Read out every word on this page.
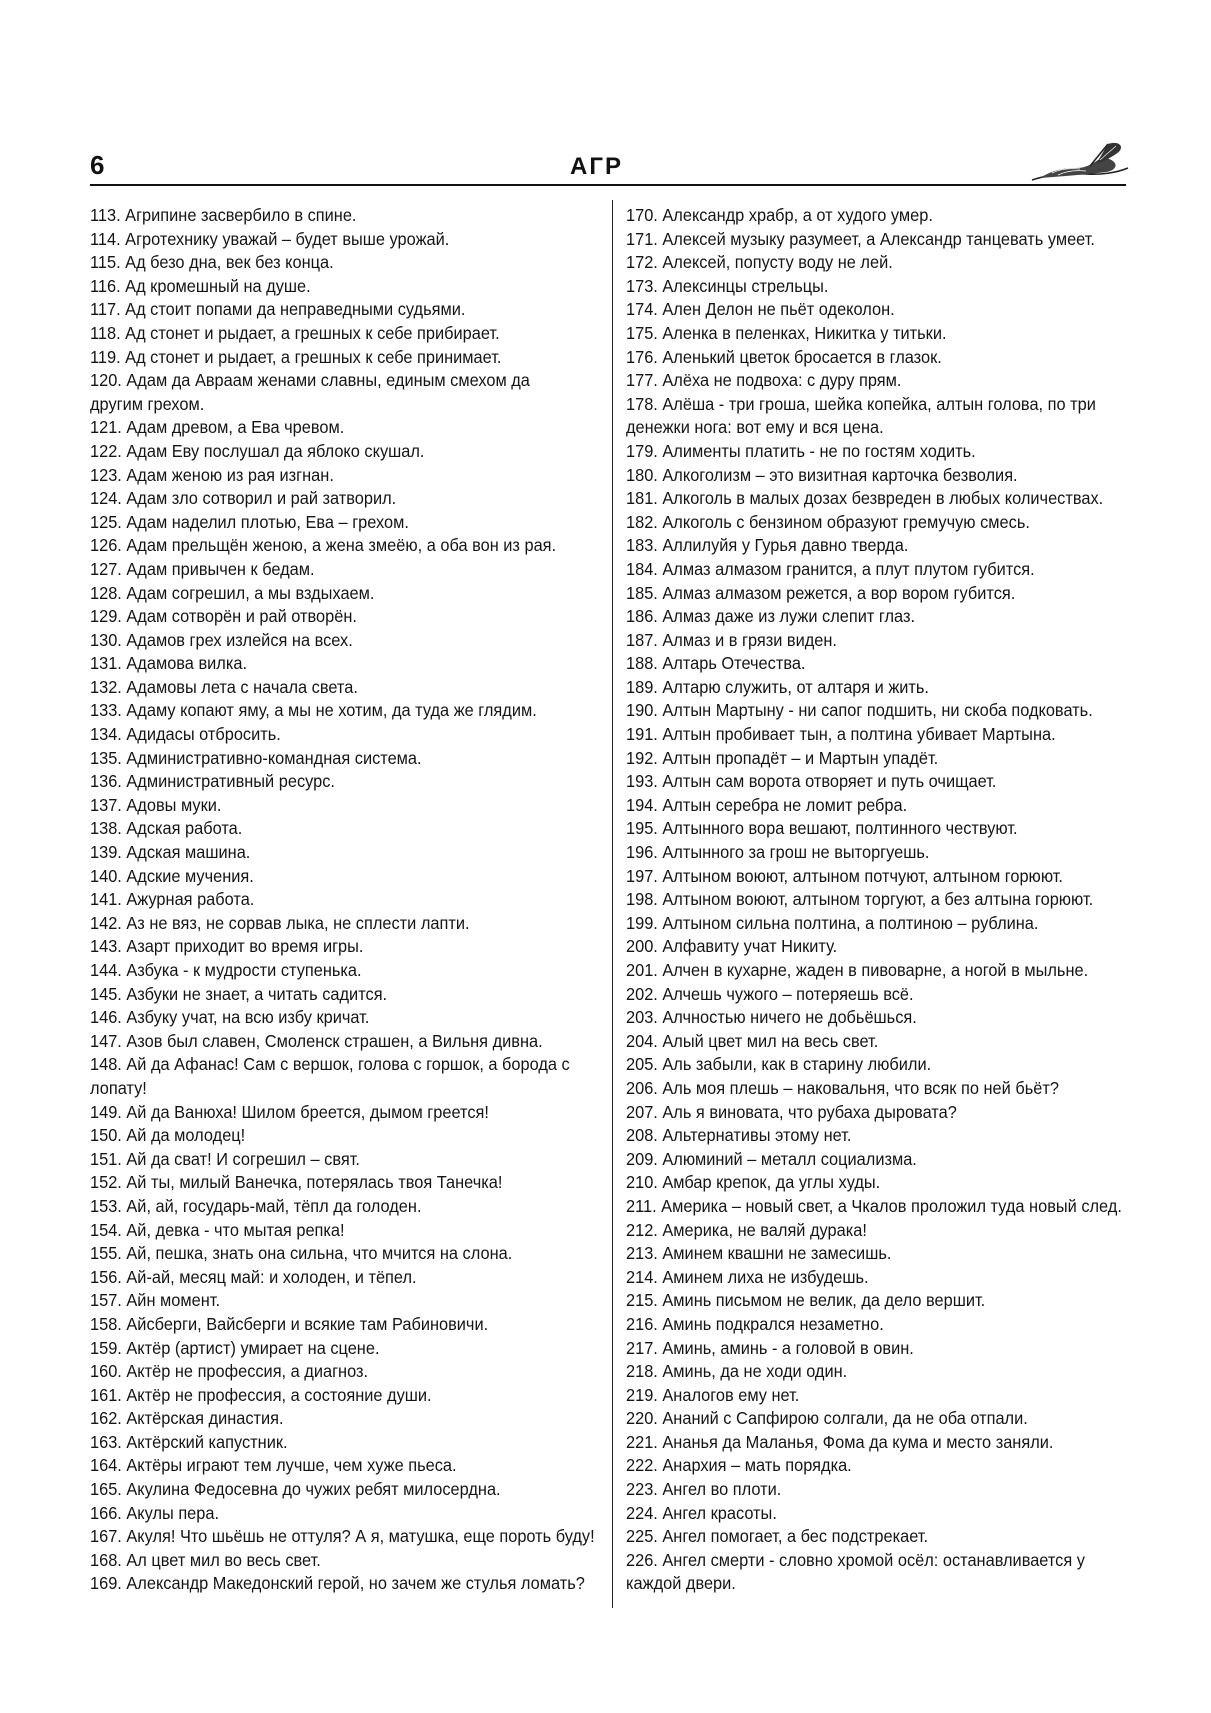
6	АГР
113. Агрипине засвербило в спине.
114. Агротехнику уважай – будет выше урожай.
115. Ад безо дна, век без конца.
116. Ад кромешный на душе.
117. Ад стоит попами да неправедными судьями.
118. Ад стонет и рыдает, а грешных к себе прибирает.
119. Ад стонет и рыдает, а грешных к себе принимает.
120. Адам да Авраам женами славны, единым смехом да другим грехом.
121. Адам древом, а Ева чревом.
122. Адам Еву послушал да яблоко скушал.
123. Адам женою из рая изгнан.
124. Адам зло сотворил и рай затворил.
125. Адам наделил плотью, Ева – грехом.
126. Адам прельщён женою, а жена змеёю, а оба вон из рая.
127. Адам привычен к бедам.
128. Адам согрешил, а мы вздыхаем.
129. Адам сотворён и рай отворён.
130. Адамов грех излейся на всех.
131. Адамова вилка.
132. Адамовы лета с начала света.
133. Адаму копают яму, а мы не хотим, да туда же глядим.
134. Адидасы отбросить.
135. Административно-командная система.
136. Административный ресурс.
137. Адовы муки.
138. Адская работа.
139. Адская машина.
140. Адские мучения.
141. Ажурная работа.
142. Аз не вяз, не сорвав лыка, не сплести лапти.
143. Азарт приходит во время игры.
144. Азбука - к мудрости ступенька.
145. Азбуки не знает, а читать садится.
146. Азбуку учат, на всю избу кричат.
147. Азов был славен, Смоленск страшен, а Вильня дивна.
148. Ай да Афанас! Сам с вершок, голова с горшок, а борода с лопату!
149. Ай да Ванюха! Шилом бреется, дымом греется!
150. Ай да молодец!
151. Ай да сват! И согрешил – свят.
152. Ай ты, милый Ванечка, потерялась твоя Танечка!
153. Ай, ай, государь-май, тёпл да голоден.
154. Ай, девка - что мытая репка!
155. Ай, пешка, знать она сильна, что мчится на слона.
156. Ай-ай, месяц май: и холоден, и тёпел.
157. Айн момент.
158. Айсберги, Вайсберги и всякие там Рабиновичи.
159. Актёр (артист) умирает на сцене.
160. Актёр не профессия, а диагноз.
161. Актёр не профессия, а состояние души.
162. Актёрская династия.
163. Актёрский капустник.
164. Актёры играют тем лучше, чем хуже пьеса.
165. Акулина Федосевна до чужих ребят милосердна.
166. Акулы пера.
167. Акуля! Что шьёшь не оттуля? А я, матушка, еще пороть буду!
168. Ал цвет мил во весь свет.
169. Александр Македонский герой, но зачем же стулья ломать?
170. Александр храбр, а от худого умер.
171. Алексей музыку разумеет, а Александр танцевать умеет.
172. Алексей, попусту воду не лей.
173. Алексинцы стрельцы.
174. Ален Делон не пьёт одеколон.
175. Аленка в пеленках, Никитка у титьки.
176. Аленький цветок бросается в глазок.
177. Алёха не подвоха: с дуру прям.
178. Алёша - три гроша, шейка копейка, алтын голова, по три денежки нога: вот ему и вся цена.
179. Алименты платить - не по гостям ходить.
180. Алкоголизм – это визитная карточка безволия.
181. Алкоголь в малых дозах безвреден в любых количествах.
182. Алкоголь с бензином образуют гремучую смесь.
183. Аллилуйя у Гурья давно тверда.
184. Алмаз алмазом гранится, а плут плутом губится.
185. Алмаз алмазом режется, а вор вором губится.
186. Алмаз даже из лужи слепит глаз.
187. Алмаз и в грязи виден.
188. Алтарь Отечества.
189. Алтарю служить, от алтаря и жить.
190. Алтын Мартыну - ни сапог подшить, ни скоба подковать.
191. Алтын пробивает тын, а полтина убивает Мартына.
192. Алтын пропадёт – и Мартын упадёт.
193. Алтын сам ворота отворяет и путь очищает.
194. Алтын серебра не ломит ребра.
195. Алтынного вора вешают, полтинного чествуют.
196. Алтынного за грош не выторгуешь.
197. Алтыном воюют, алтыном потчуют, алтыном горюют.
198. Алтыном воюют, алтыном торгуют, а без алтына горюют.
199. Алтыном сильна полтина, а полтиною – рублина.
200. Алфавиту учат Никиту.
201. Алчен в кухарне, жаден в пивоварне, а ногой в мыльне.
202. Алчешь чужого – потеряешь всё.
203. Алчностью ничего не добьёшься.
204. Алый цвет мил на весь свет.
205. Аль забыли, как в старину любили.
206. Аль моя плешь – наковальня, что всяк по ней бьёт?
207. Аль я виновата, что рубаха дыровата?
208. Альтернативы этому нет.
209. Алюминий – металл социализма.
210. Амбар крепок, да углы худы.
211. Америка – новый свет, а Чкалов проложил туда новый след.
212. Америка, не валяй дурака!
213. Аминем квашни не замесишь.
214. Аминем лиха не избудешь.
215. Аминь письмом не велик, да дело вершит.
216. Аминь подкрался незаметно.
217. Аминь, аминь - а головой в овин.
218. Аминь, да не ходи один.
219. Аналогов ему нет.
220. Ананий с Сапфирою солгали, да не оба отпали.
221. Ананья да Маланья, Фома да кума и место заняли.
222. Анархия – мать порядка.
223. Ангел во плоти.
224. Ангел красоты.
225. Ангел помогает, а бес подстрекает.
226. Ангел смерти - словно хромой осёл: останавливается у каждой двери.
